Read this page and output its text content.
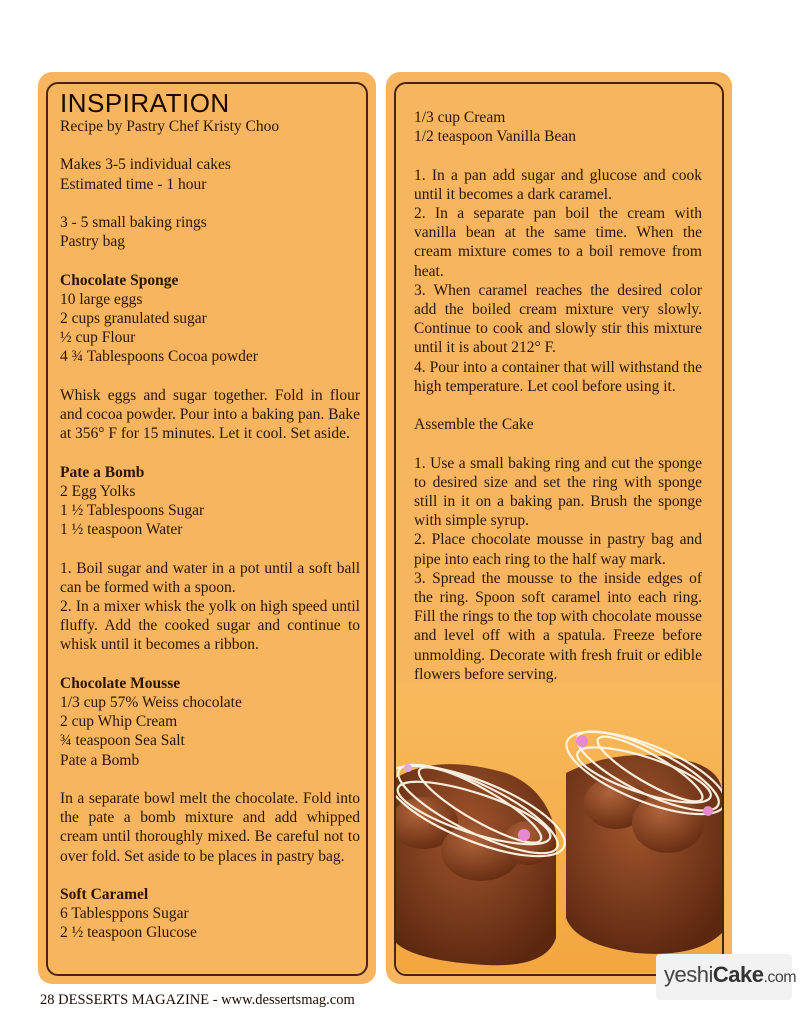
INSPIRATION

Recipe by Pastry Chef Kristy Choo

Makes 3-5 individual cakes

Estimated time - 1 hour

3 - 5 small baking rings

Pastry bag

Chocolate Sponge

10 large eggs

2 cups granulated sugar

½ cup Flour

4 ¾ Tablespoons Cocoa powder

Whisk eggs and sugar together. Fold in flour and cocoa powder. Pour into a baking pan. Bake at 356° F for 15 minutes. Let it cool. Set aside.

Pate a Bomb

2 Egg Yolks

1 ½ Tablespoons Sugar

1 ½ teaspoon Water

1. Boil sugar and water in a pot until a soft ball can be formed with a spoon.

2. In a mixer whisk the yolk on high speed until fluffy. Add the cooked sugar and continue to whisk until it becomes a ribbon.

Chocolate Mousse

1/3 cup 57% Weiss chocolate

2 cup Whip Cream

¾ teaspoon Sea Salt

Pate a Bomb

In a separate bowl melt the chocolate. Fold into the pate a bomb mixture and add whipped cream until thoroughly mixed. Be careful not to over fold. Set aside to be places in pastry bag.

Soft Caramel

6 Tablesppons Sugar

2 ½ teaspoon Glucose

1/3 cup Cream

1/2 teaspoon Vanilla Bean

1. In a pan add sugar and glucose and cook until it becomes a dark caramel.

2. In a separate pan boil the cream with vanilla bean at the same time. When the cream mixture comes to a boil remove from heat.

3. When caramel reaches the desired color add the boiled cream mixture very slowly. Continue to cook and slowly stir this mixture until it is about 212° F.

4. Pour into a container that will withstand the high temperature. Let cool before using it.

Assemble the Cake

1. Use a small baking ring and cut the sponge to desired size and set the ring with sponge still in it on a baking pan. Brush the sponge with simple syrup.

2. Place chocolate mousse in pastry bag and pipe into each ring to the half way mark.

3. Spread the mousse to the inside edges of the ring. Spoon soft caramel into each ring. Fill the rings to the top with chocolate mousse and level off with a spatula. Freeze before unmolding. Decorate with fresh fruit or edible flowers before serving.

28 DESSERTS MAGAZINE - www.dessertsmag.com
yeshiCake.com
